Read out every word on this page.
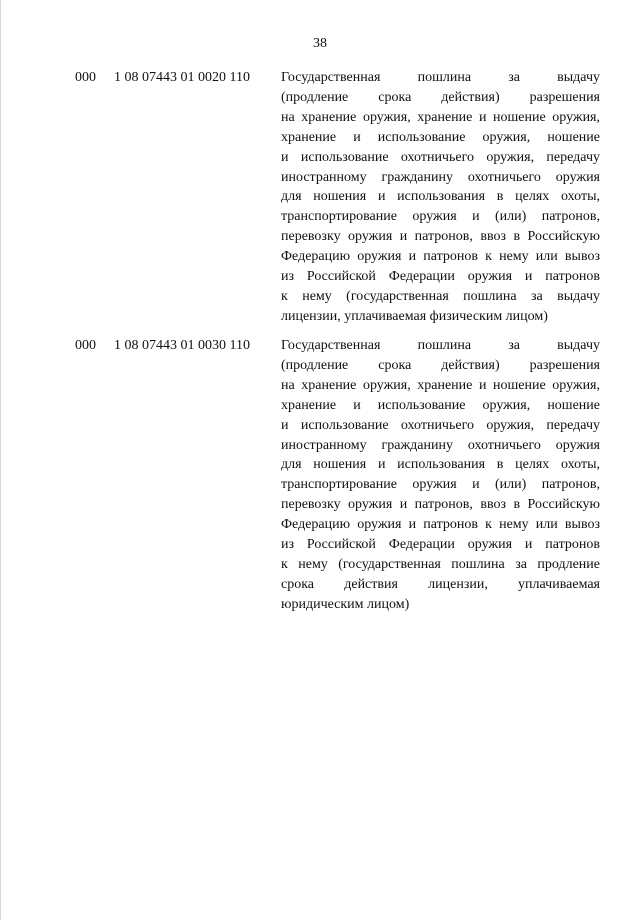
38
000 1 08 07443 01 0020 110 Государственная пошлина за выдачу
(продление срока действия) разрешения
на хранение оружия, хранение и ношение оружия,
хранение и использование оружия, ношение
и использование охотничьего оружия, передачу
иностранному гражданину охотничьего оружия
для ношения и использования в целях охоты,
транспортирование оружия и (или) патронов,
перевозку оружия и патронов, ввоз в Российскую
Федерацию оружия и патронов к нему или вывоз
из Российской Федерации оружия и патронов
к нему (государственная пошлина за выдачу
лицензии, уплачиваемая физическим лицом)
000 1 08 07443 01 0030 110 Государственная пошлина за выдачу
(продление срока действия) разрешения
на хранение оружия, хранение и ношение оружия,
хранение и использование оружия, ношение
и использование охотничьего оружия, передачу
иностранному гражданину охотничьего оружия
для ношения и использования в целях охоты,
транспортирование оружия и (или) патронов,
перевозку оружия и патронов, ввоз в Российскую
Федерацию оружия и патронов к нему или вывоз
из Российской Федерации оружия и патронов
к нему (государственная пошлина за продление
срока действия лицензии, уплачиваемая
юридическим лицом)
